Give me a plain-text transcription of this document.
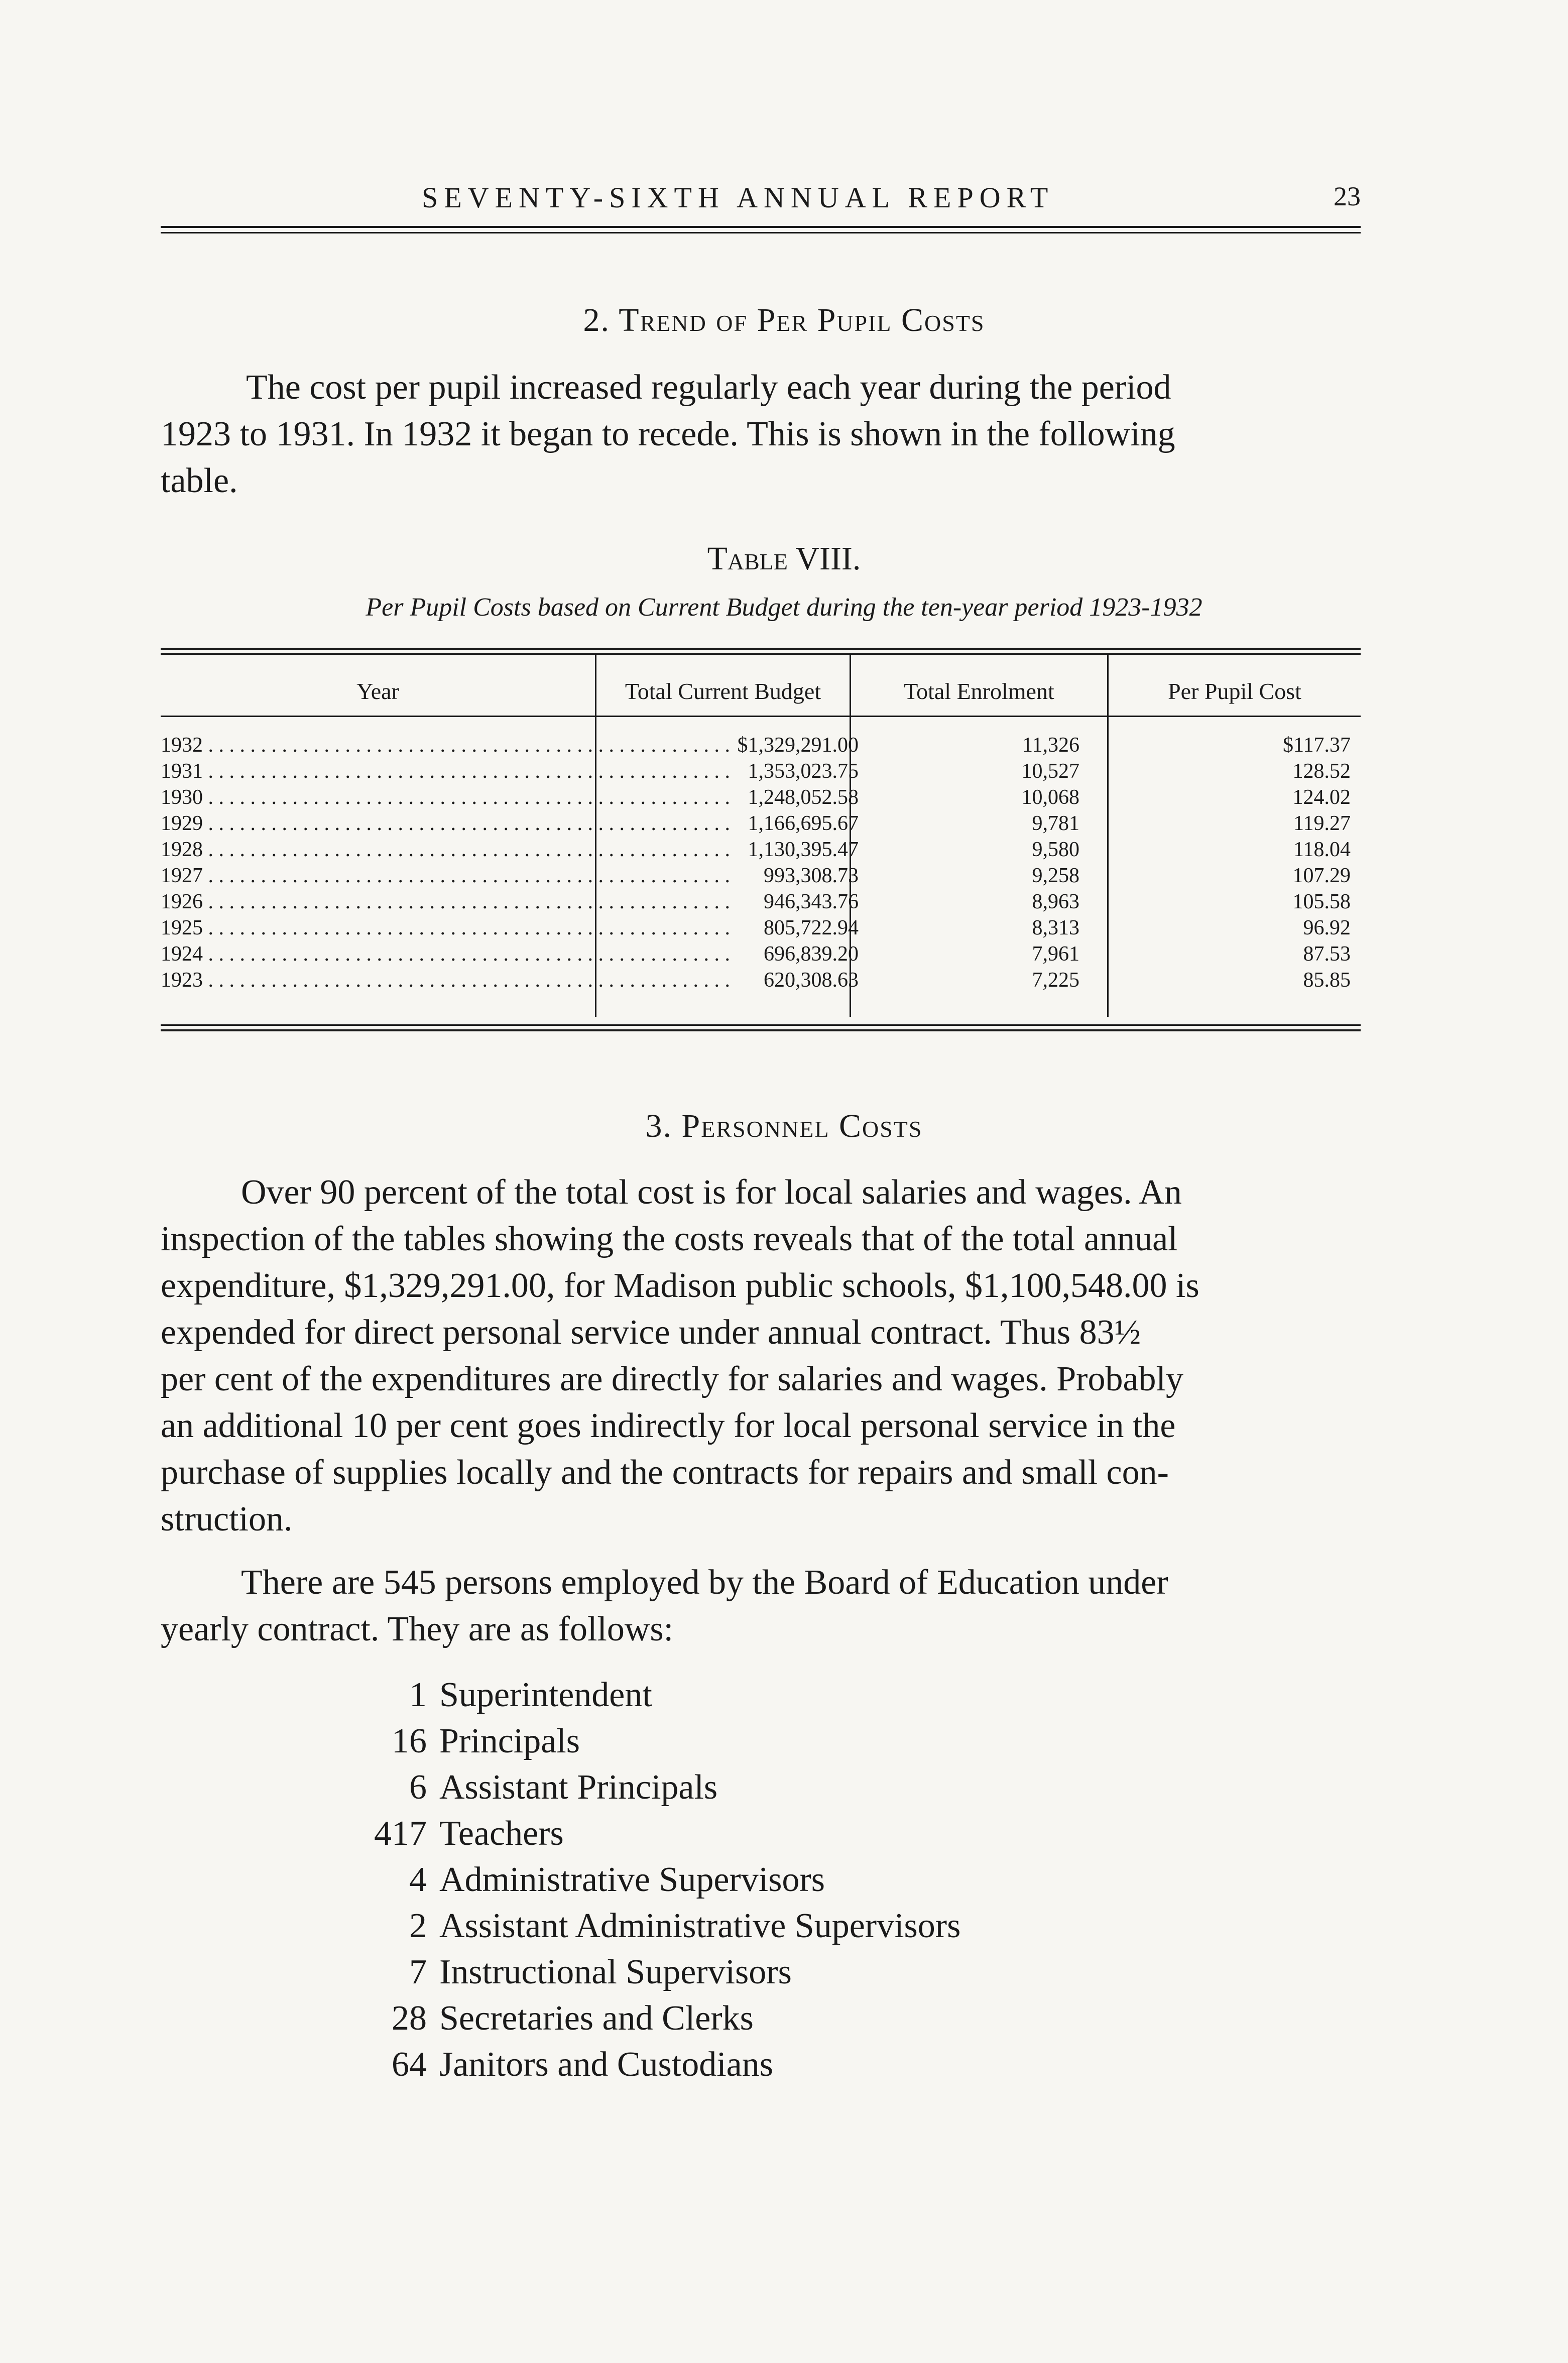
SEVENTY-SIXTH ANNUAL REPORT	23
2. Trend of Per Pupil Costs
The cost per pupil increased regularly each year during the period
1923 to 1931. In 1932 it began to recede. This is shown in the following
table.
Table VIII.
Per Pupil Costs based on Current Budget during the ten-year period 1923-1932
Year	Total Current Budget	Total Enrolment	Per Pupil Cost
1932 . . . . . . . . . . . . . . . . . . . . . . . . . . . . . . . . . . . . . . . . . . . . . . . . . . $1,329,291.00	11,326	$117.37
1931 . . . . . . . . . . . . . . . . . . . . . . . . . . . . . . . . . . . . . . . . . . . . . . . . . . 1,353,023.75	10,527	128.52
1930 . . . . . . . . . . . . . . . . . . . . . . . . . . . . . . . . . . . . . . . . . . . . . . . . . . 1,248,052.58	10,068	124.02
1929 . . . . . . . . . . . . . . . . . . . . . . . . . . . . . . . . . . . . . . . . . . . . . . . . . . 1,166,695.67	9,781	119.27
1928 . . . . . . . . . . . . . . . . . . . . . . . . . . . . . . . . . . . . . . . . . . . . . . . . . . 1,130,395.47	9,580	118.04
1927 . . . . . . . . . . . . . . . . . . . . . . . . . . . . . . . . . . . . . . . . . . . . . . . . . .	993,308.73	9,258	107.29
1926 . . . . . . . . . . . . . . . . . . . . . . . . . . . . . . . . . . . . . . . . . . . . . . . . . .	946,343.76	8,963	105.58
1925 . . . . . . . . . . . . . . . . . . . . . . . . . . . . . . . . . . . . . . . . . . . . . . . . . .	805,722.94	8,313	96.92
1924 . . . . . . . . . . . . . . . . . . . . . . . . . . . . . . . . . . . . . . . . . . . . . . . . . .	696,839.20	7,961	87.53
1923 . . . . . . . . . . . . . . . . . . . . . . . . . . . . . . . . . . . . . . . . . . . . . . . . . .	620,308.63	7,225	85.85
3. Personnel Costs
Over 90 percent of the total cost is for local salaries and wages. An
inspection of the tables showing the costs reveals that of the total annual
expenditure, $1,329,291.00, for Madison public schools, $1,100,548.00 is
expended for direct personal service under annual contract. Thus 83½
per cent of the expenditures are directly for salaries and wages. Probably
an additional 10 per cent goes indirectly for local personal service in the
purchase of supplies locally and the contracts for repairs and small con-
struction.
There are 545 persons employed by the Board of Education under
yearly contract. They are as follows:
1 Superintendent
16 Principals
6 Assistant Principals
417 Teachers
4 Administrative Supervisors
2 Assistant Administrative Supervisors
7 Instructional Supervisors
28 Secretaries and Clerks
64 Janitors and Custodians
